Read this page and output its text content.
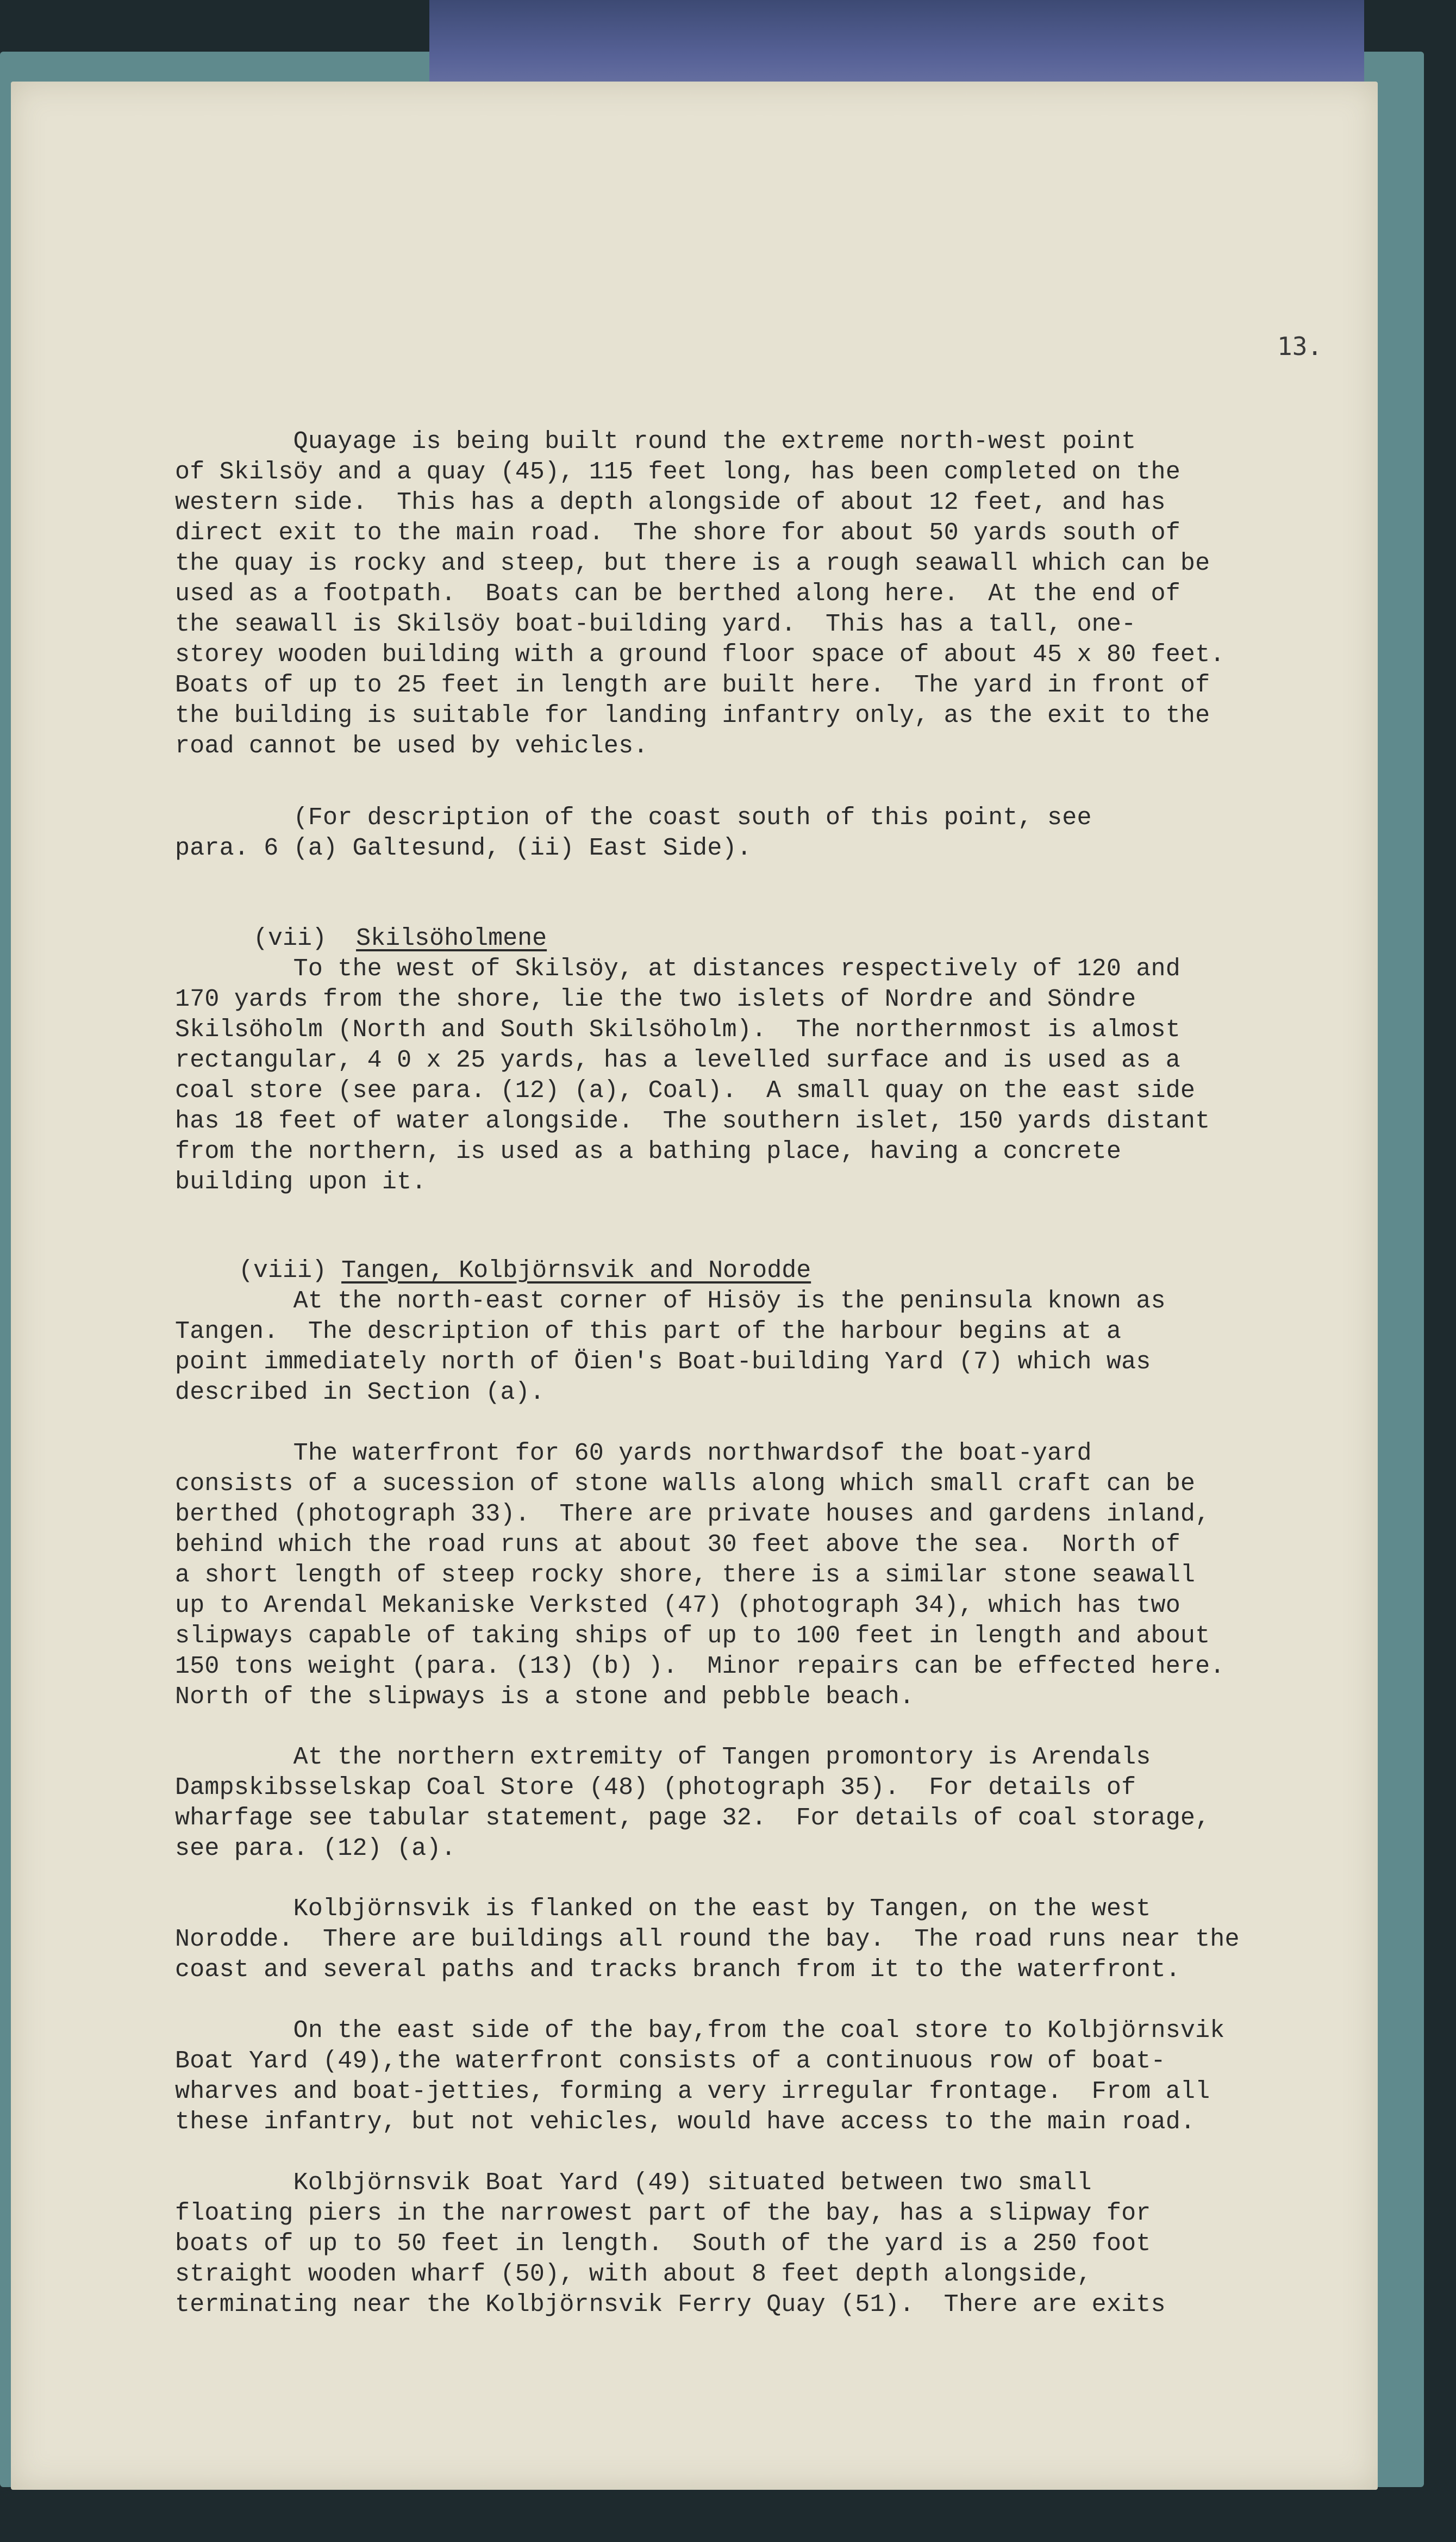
13.
Quayage is being built round the extreme north-west point
of Skilsöy and a quay (45), 115 feet long, has been completed on the
western side.  This has a depth alongside of about 12 feet, and has
direct exit to the main road.  The shore for about 50 yards south of
the quay is rocky and steep, but there is a rough seawall which can be
used as a footpath.  Boats can be berthed along here.  At the end of
the seawall is Skilsöy boat-building yard.  This has a tall, one-
storey wooden building with a ground floor space of about 45 x 80 feet.
Boats of up to 25 feet in length are built here.  The yard in front of
the building is suitable for landing infantry only, as the exit to the
road cannot be used by vehicles.
(For description of the coast south of this point, see
para. 6 (a) Galtesund, (ii) East Side).

(vii) Skilsöholmene

To the west of Skilsöy, at distances respectively of 120 and
170 yards from the shore, lie the two islets of Nordre and Söndre
Skilsöholm (North and South Skilsöholm).  The northernmost is almost
rectangular, 4 0 x 25 yards, has a levelled surface and is used as a
coal store (see para. (12) (a), Coal).  A small quay on the east side
has 18 feet of water alongside.  The southern islet, 150 yards distant
from the northern, is used as a bathing place, having a concrete
building upon it.

(viii) Tangen, Kolbjörnsvik and Norodde

At the north-east corner of Hisöy is the peninsula known as
Tangen.  The description of this part of the harbour begins at a
point immediately north of Öien's Boat-building Yard (7) which was
described in Section (a).
The waterfront for 60 yards northwardsof the boat-yard
consists of a sucession of stone walls along which small craft can be
berthed (photograph 33).  There are private houses and gardens inland,
behind which the road runs at about 30 feet above the sea.  North of
a short length of steep rocky shore, there is a similar stone seawall
up to Arendal Mekaniske Verksted (47) (photograph 34), which has two
slipways capable of taking ships of up to 100 feet in length and about
150 tons weight (para. (13) (b) ).  Minor repairs can be effected here.
North of the slipways is a stone and pebble beach.
At the northern extremity of Tangen promontory is Arendals
Dampskibsselskap Coal Store (48) (photograph 35).  For details of
wharfage see tabular statement, page 32.  For details of coal storage,
see para. (12) (a).
Kolbjörnsvik is flanked on the east by Tangen, on the west
Norodde.  There are buildings all round the bay.  The road runs near the
coast and several paths and tracks branch from it to the waterfront.
On the east side of the bay,from the coal store to Kolbjörnsvik
Boat Yard (49),the waterfront consists of a continuous row of boat-
wharves and boat-jetties, forming a very irregular frontage.  From all
these infantry, but not vehicles, would have access to the main road.
Kolbjörnsvik Boat Yard (49) situated between two small
floating piers in the narrowest part of the bay, has a slipway for
boats of up to 50 feet in length.  South of the yard is a 250 foot
straight wooden wharf (50), with about 8 feet depth alongside,
terminating near the Kolbjörnsvik Ferry Quay (51).  There are exits
